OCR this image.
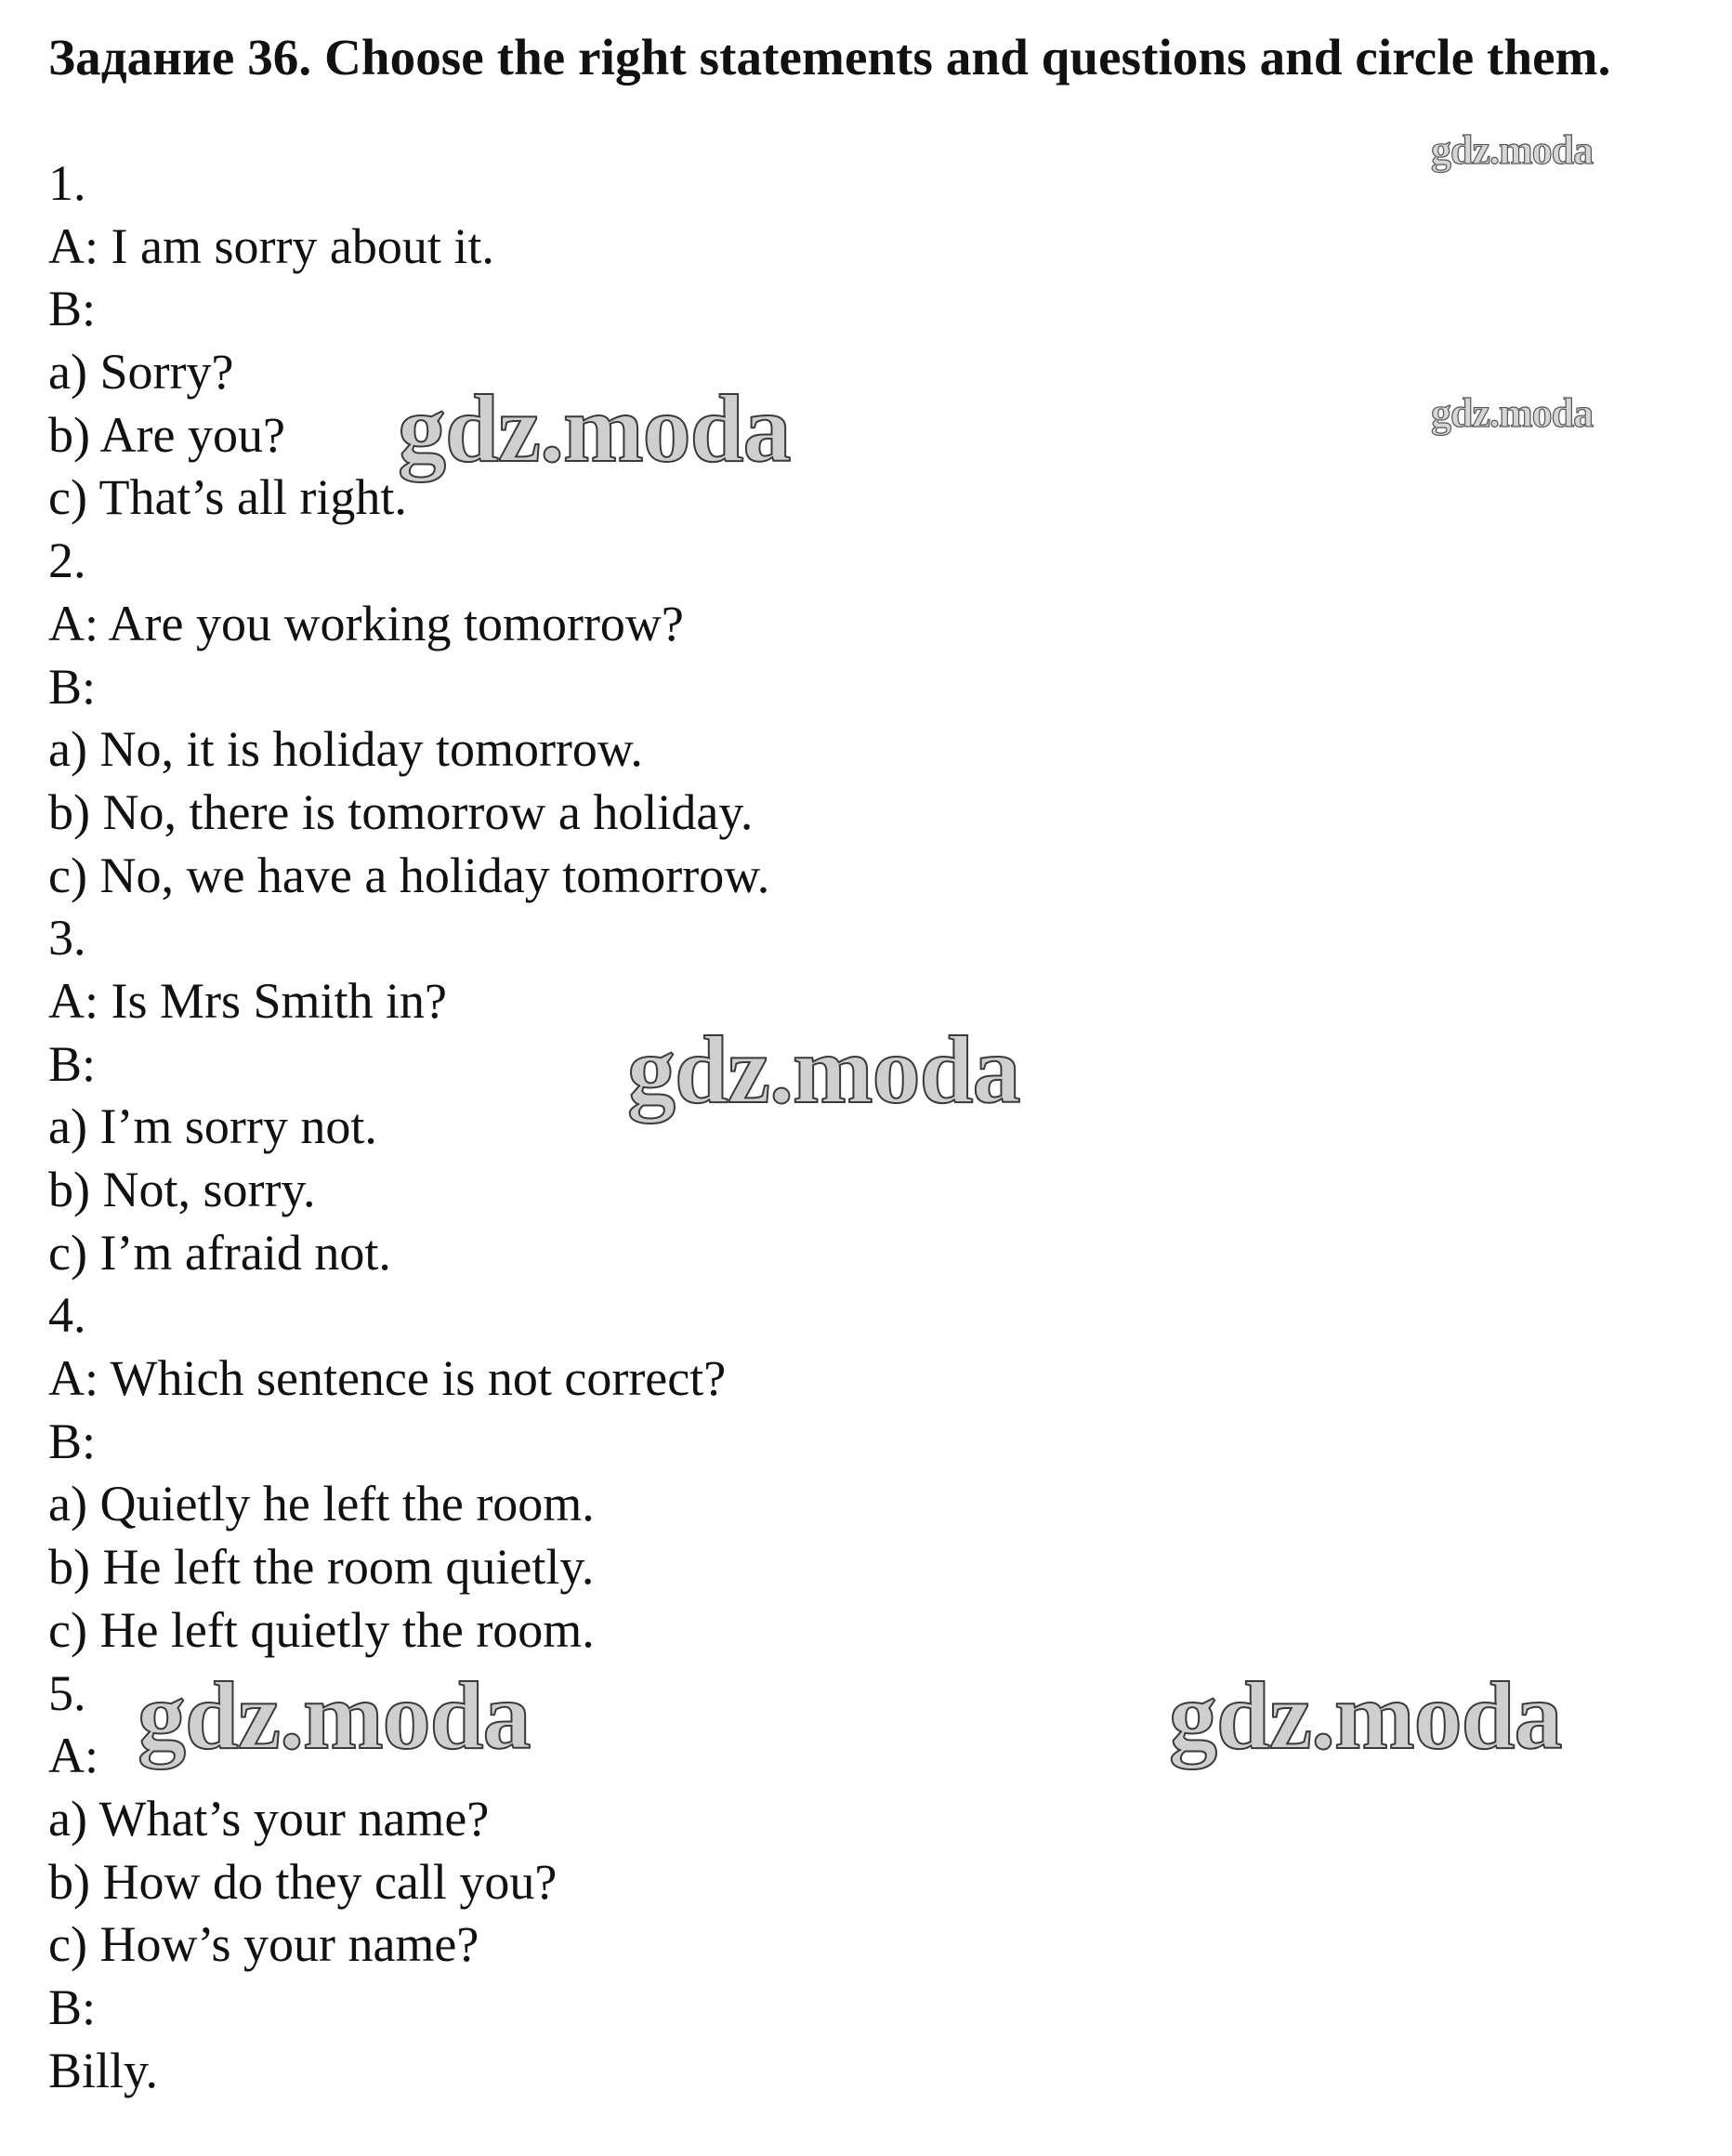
Задание 36. Choose the right statements and questions and circle them.
1.
A: I am sorry about it.
B:
a) Sorry?
b) Are you?
c) That’s all right.
2.
A: Are you working tomorrow?
B:
a) No, it is holiday tomorrow.
b) No, there is tomorrow a holiday.
c) No, we have a holiday tomorrow.
3.
A: Is Mrs Smith in?
B:
a) I’m sorry not.
b) Not, sorry.
c) I’m afraid not.
4.
A: Which sentence is not correct?
B:
a) Quietly he left the room.
b) He left the room quietly.
c) He left quietly the room.
5.
A:
a) What’s your name?
b) How do they call you?
c) How’s your name?
B:
Billy.
gdz.moda
gdz.moda
gdz.moda
gdz.moda
gdz.moda	gdz.moda
